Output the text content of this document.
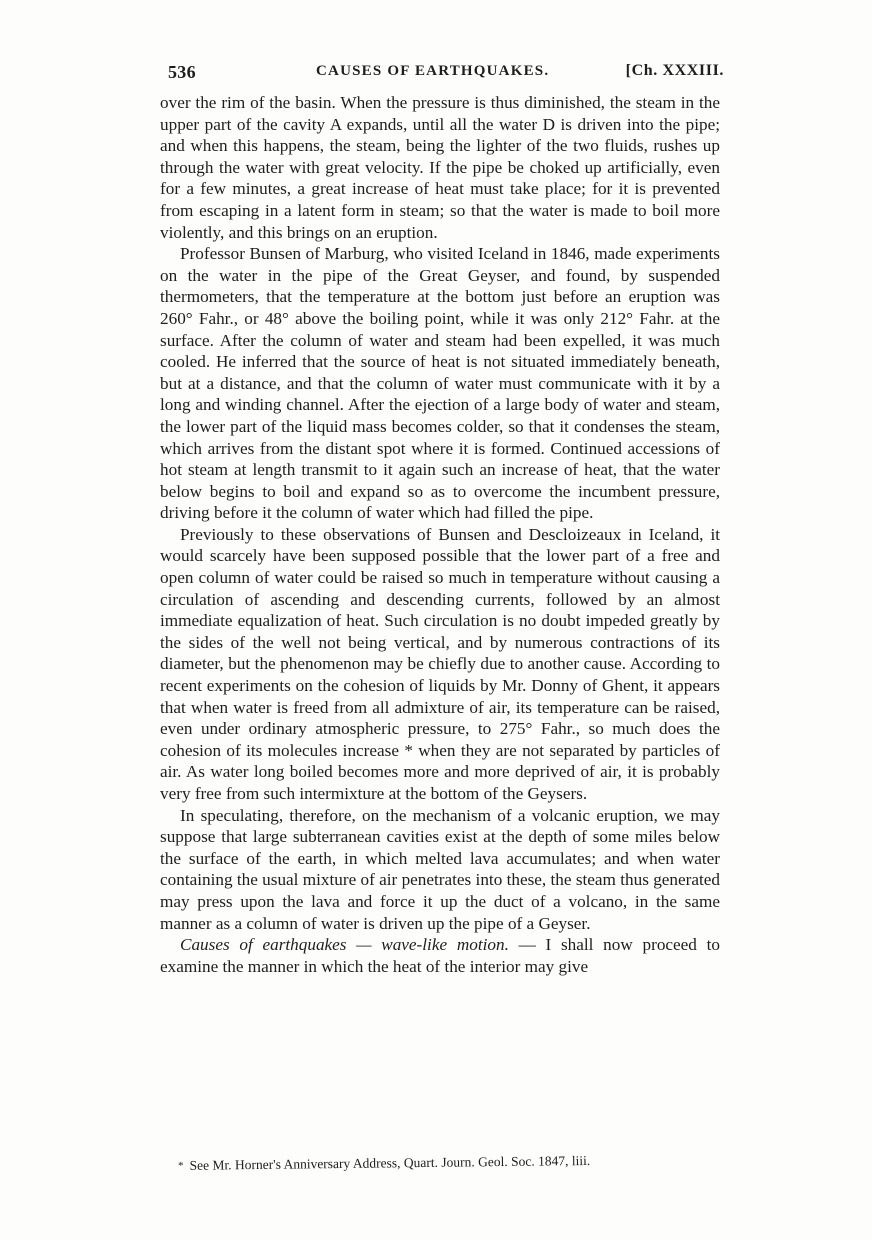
536	CAUSES OF EARTHQUAKES.	[Ch. XXXIII.

over the rim of the basin. When the pressure is thus diminished, the steam in the upper part of the cavity A expands, until all the water D is driven into the pipe; and when this happens, the steam, being the lighter of the two fluids, rushes up through the water with great velocity. If the pipe be choked up artificially, even for a few minutes, a great increase of heat must take place; for it is prevented from escaping in a latent form in steam; so that the water is made to boil more violently, and this brings on an eruption.

Professor Bunsen of Marburg, who visited Iceland in 1846, made experiments on the water in the pipe of the Great Geyser, and found, by suspended thermometers, that the temperature at the bottom just before an eruption was 260° Fahr., or 48° above the boiling point, while it was only 212° Fahr. at the surface. After the column of water and steam had been expelled, it was much cooled. He inferred that the source of heat is not situated immediately beneath, but at a distance, and that the column of water must communicate with it by a long and winding channel. After the ejection of a large body of water and steam, the lower part of the liquid mass becomes colder, so that it condenses the steam, which arrives from the distant spot where it is formed. Continued accessions of hot steam at length transmit to it again such an increase of heat, that the water below begins to boil and expand so as to overcome the incumbent pressure, driving before it the column of water which had filled the pipe.

Previously to these observations of Bunsen and Descloizeaux in Iceland, it would scarcely have been supposed possible that the lower part of a free and open column of water could be raised so much in temperature without causing a circulation of ascending and descending currents, followed by an almost immediate equalization of heat. Such circulation is no doubt impeded greatly by the sides of the well not being vertical, and by numerous contractions of its diameter, but the phenomenon may be chiefly due to another cause. According to recent experiments on the cohesion of liquids by Mr. Donny of Ghent, it appears that when water is freed from all admixture of air, its temperature can be raised, even under ordinary atmospheric pressure, to 275° Fahr., so much does the cohesion of its molecules increase * when they are not separated by particles of air. As water long boiled becomes more and more deprived of air, it is probably very free from such intermixture at the bottom of the Geysers.

In speculating, therefore, on the mechanism of a volcanic eruption, we may suppose that large subterranean cavities exist at the depth of some miles below the surface of the earth, in which melted lava accumulates; and when water containing the usual mixture of air penetrates into these, the steam thus generated may press upon the lava and force it up the duct of a volcano, in the same manner as a column of water is driven up the pipe of a Geyser.

Causes of earthquakes — wave-like motion. — I shall now proceed to examine the manner in which the heat of the interior may give

* See Mr. Horner's Anniversary Address, Quart. Journ. Geol. Soc. 1847, liii.
